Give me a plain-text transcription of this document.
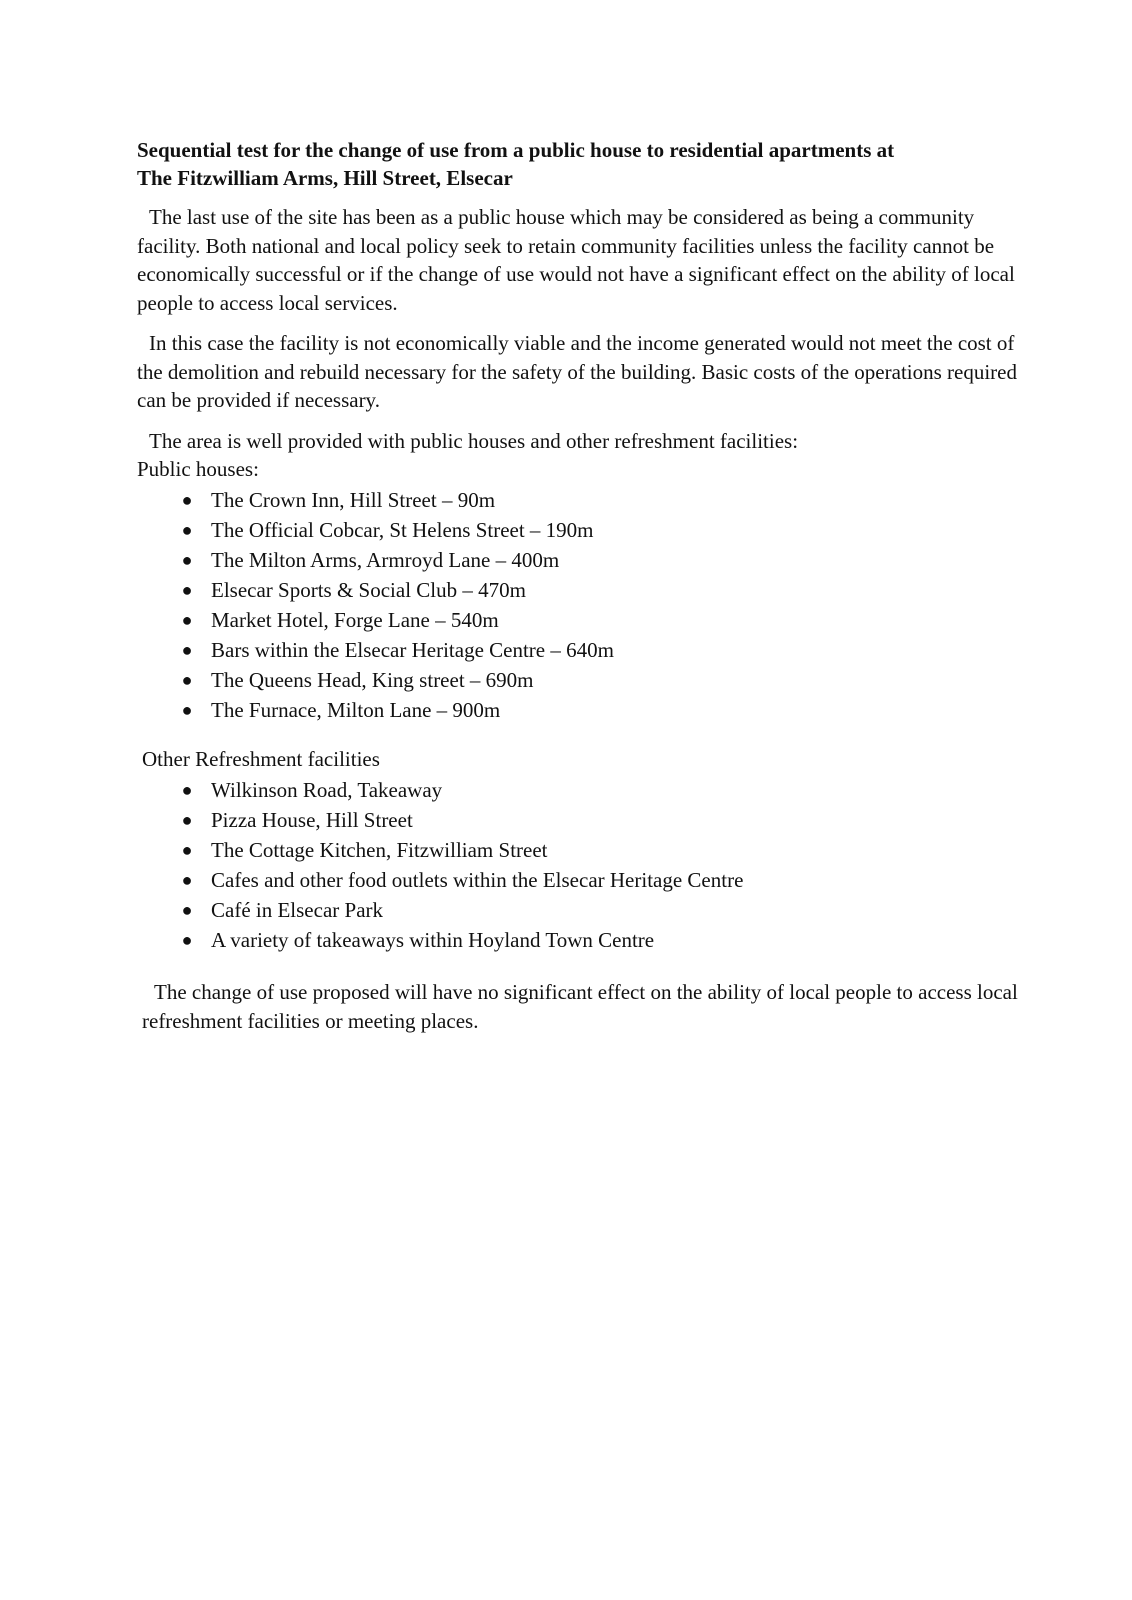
Sequential test for the change of use from a public house to residential apartments at
The Fitzwilliam Arms, Hill Street, Elsecar

The last use of the site has been as a public house which may be considered as being a community facility. Both national and local policy seek to retain community facilities unless the facility cannot be economically successful or if the change of use would not have a significant effect on the ability of local people to access local services.

In this case the facility is not economically viable and the income generated would not meet the cost of the demolition and rebuild necessary for the safety of the building. Basic costs of the operations required can be provided if necessary.

The area is well provided with public houses and other refreshment facilities:

Public houses:

● The Crown Inn, Hill Street – 90m
● The Official Cobcar, St Helens Street – 190m
● The Milton Arms, Armroyd Lane – 400m
● Elsecar Sports & Social Club – 470m
● Market Hotel, Forge Lane – 540m
● Bars within the Elsecar Heritage Centre – 640m
● The Queens Head, King street – 690m
● The Furnace, Milton Lane – 900m

Other Refreshment facilities

● Wilkinson Road, Takeaway
● Pizza House, Hill Street
● The Cottage Kitchen, Fitzwilliam Street
● Cafes and other food outlets within the Elsecar Heritage Centre
● Café in Elsecar Park
● A variety of takeaways within Hoyland Town Centre

The change of use proposed will have no significant effect on the ability of local people to access local refreshment facilities or meeting places.
